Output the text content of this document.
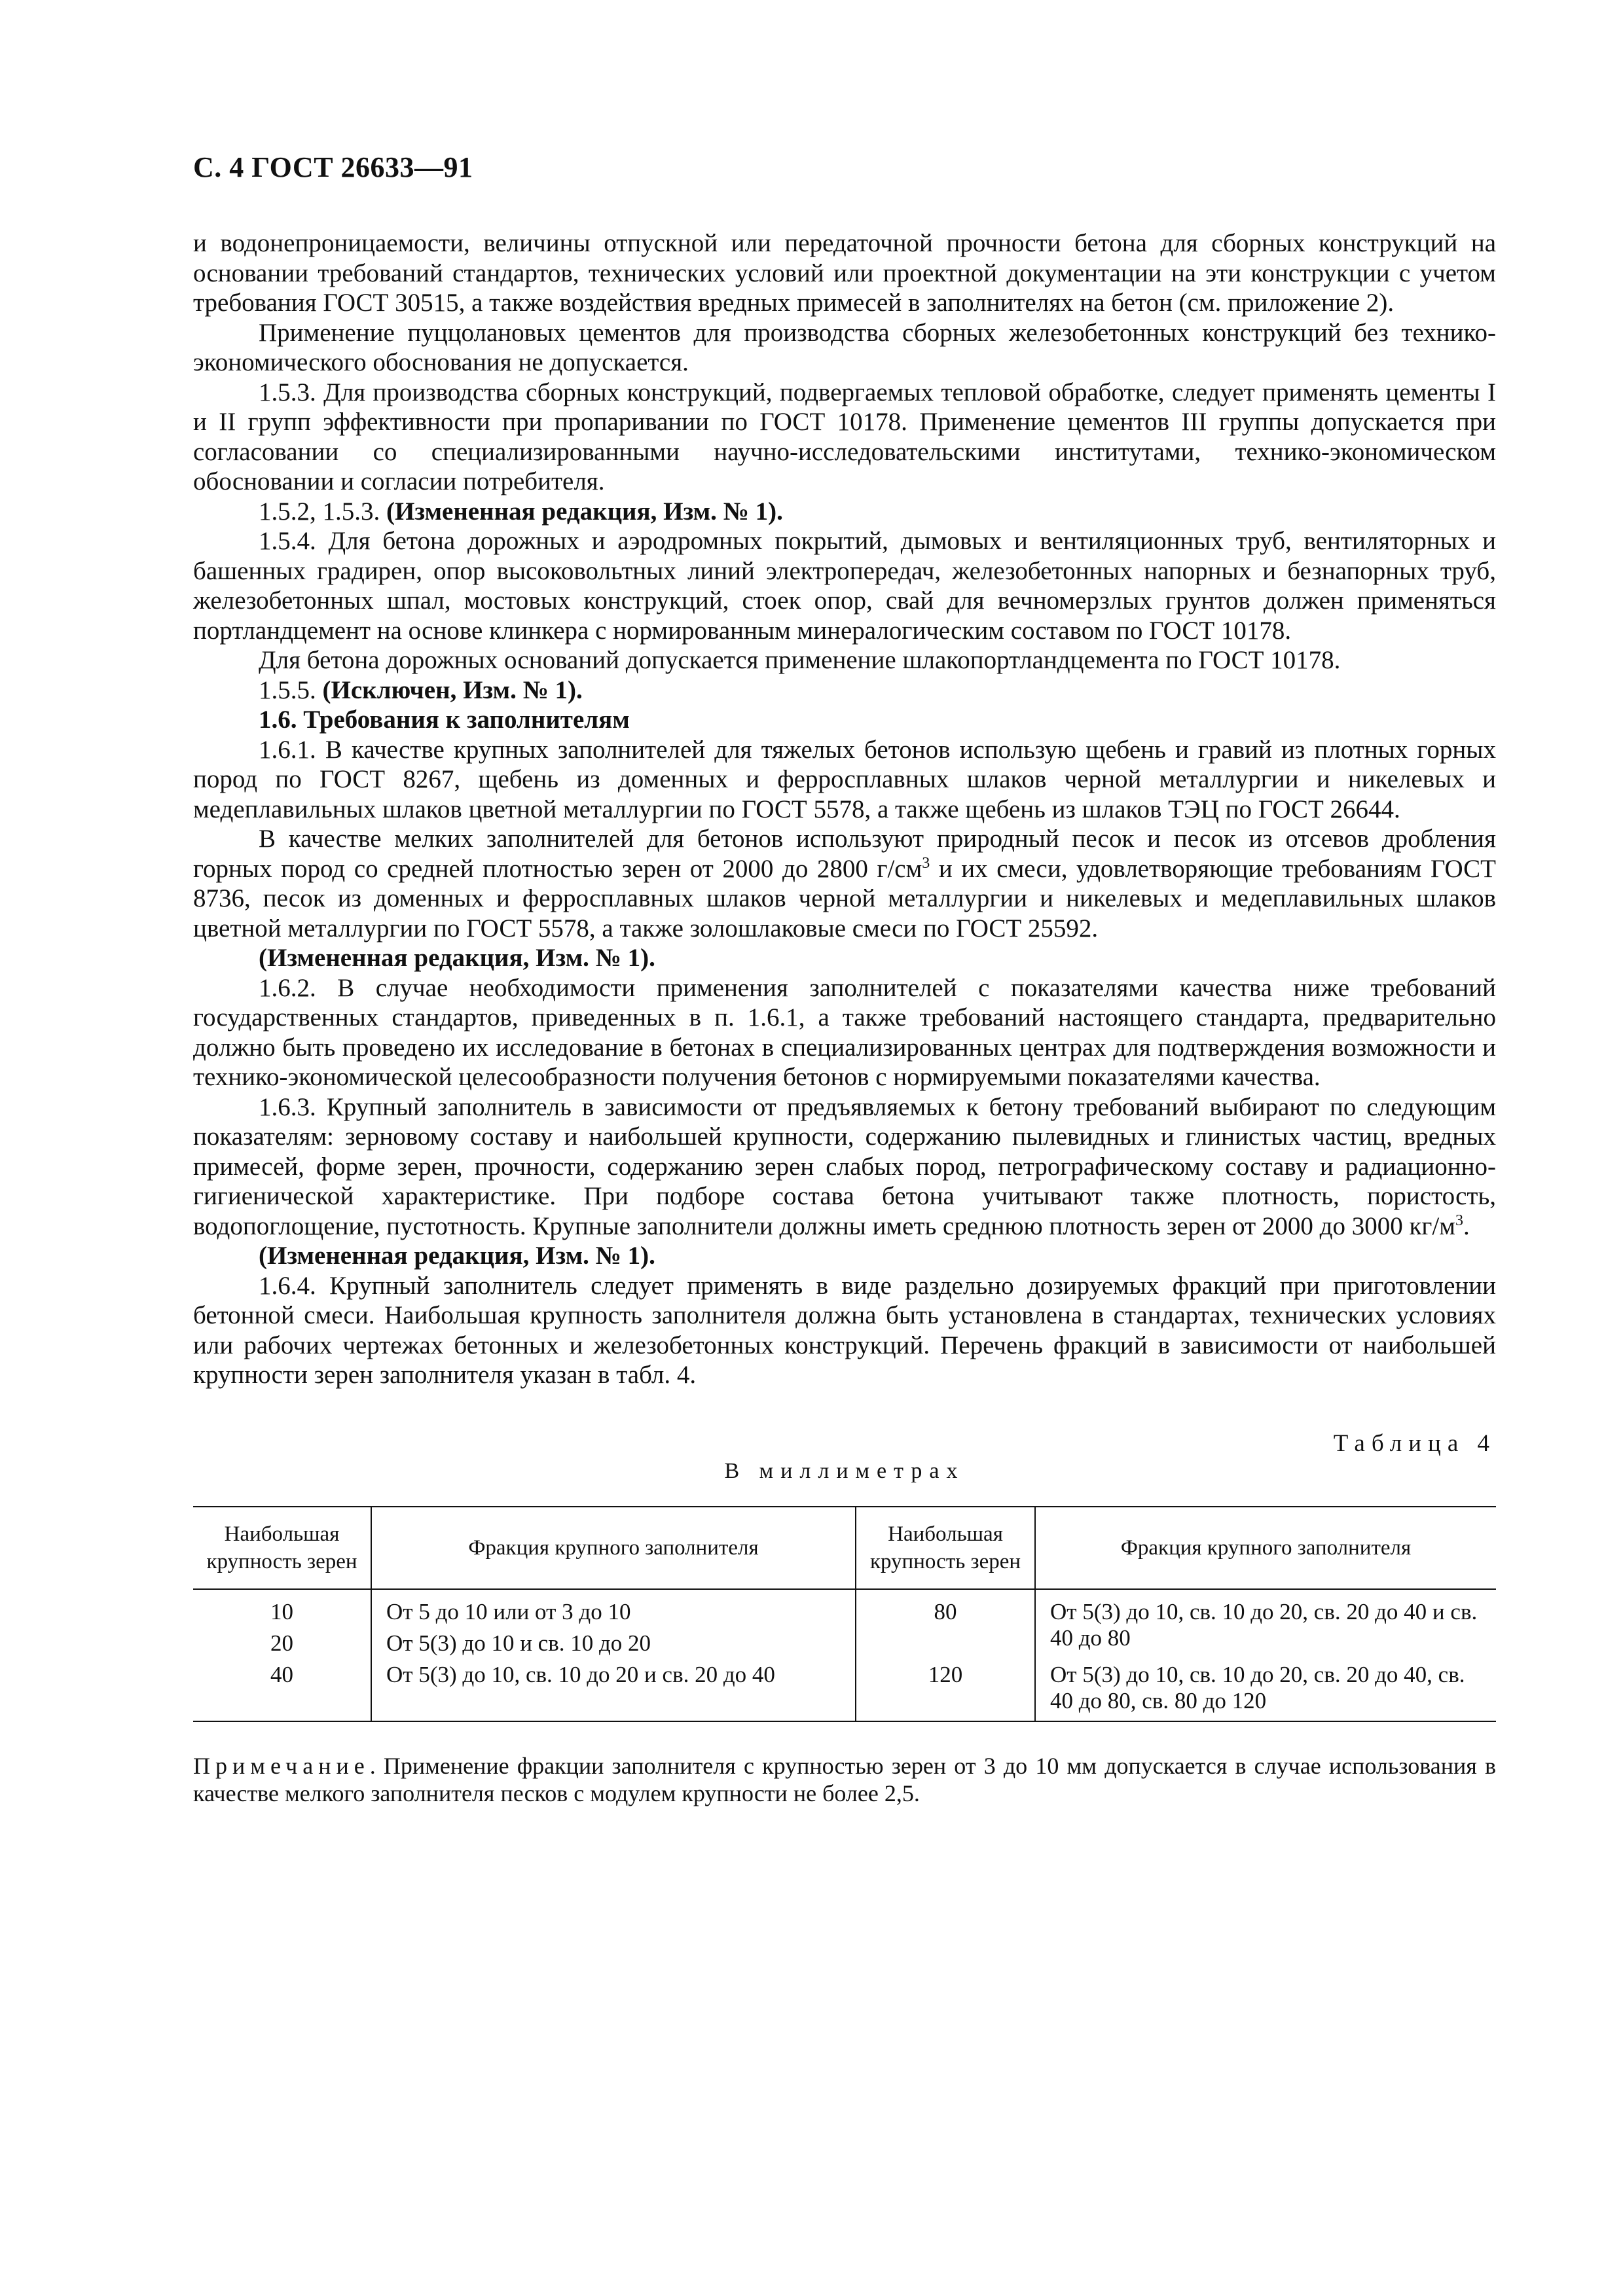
С. 4 ГОСТ 26633—91

и водонепроницаемости, величины отпускной или передаточной прочности бетона для сборных конструкций на основании требований стандартов, технических условий или проектной документации на эти конструкции с учетом требования ГОСТ 30515, а также воздействия вредных примесей в заполнителях на бетон (см. приложение 2).

Применение пуццолановых цементов для производства сборных железобетонных конструкций без технико-экономического обоснования не допускается.

1.5.3. Для производства сборных конструкций, подвергаемых тепловой обработке, следует применять цементы I и II групп эффективности при пропаривании по ГОСТ 10178. Применение цементов III группы допускается при согласовании со специализированными научно-исследовательскими институтами, технико-экономическом обосновании и согласии потребителя.

1.5.2, 1.5.3. (Измененная редакция, Изм. № 1).

1.5.4. Для бетона дорожных и аэродромных покрытий, дымовых и вентиляционных труб, вентиляторных и башенных градирен, опор высоковольтных линий электропередач, железобетонных напорных и безнапорных труб, железобетонных шпал, мостовых конструкций, стоек опор, свай для вечномерзлых грунтов должен применяться портландцемент на основе клинкера с нормированным минералогическим составом по ГОСТ 10178.

Для бетона дорожных оснований допускается применение шлакопортландцемента по ГОСТ 10178.

1.5.5. (Исключен, Изм. № 1).

1.6. Требования к заполнителям

1.6.1. В качестве крупных заполнителей для тяжелых бетонов использую щебень и гравий из плотных горных пород по ГОСТ 8267, щебень из доменных и ферросплавных шлаков черной металлургии и никелевых и медеплавильных шлаков цветной металлургии по ГОСТ 5578, а также щебень из шлаков ТЭЦ по ГОСТ 26644.

В качестве мелких заполнителей для бетонов используют природный песок и песок из отсевов дробления горных пород со средней плотностью зерен от 2000 до 2800 $г/см^3$ и их смеси, удовлетворяющие требованиям ГОСТ 8736, песок из доменных и ферросплавных шлаков черной металлургии и никелевых и медеплавильных шлаков цветной металлургии по ГОСТ 5578, а также золошлаковые смеси по ГОСТ 25592.

(Измененная редакция, Изм. № 1).

1.6.2. В случае необходимости применения заполнителей с показателями качества ниже требований государственных стандартов, приведенных в п. 1.6.1, а также требований настоящего стандарта, предварительно должно быть проведено их исследование в бетонах в специализированных центрах для подтверждения возможности и технико-экономической целесообразности получения бетонов с нормируемыми показателями качества.

1.6.3. Крупный заполнитель в зависимости от предъявляемых к бетону требований выбирают по следующим показателям: зерновому составу и наибольшей крупности, содержанию пылевидных и глинистых частиц, вредных примесей, форме зерен, прочности, содержанию зерен слабых пород, петрографическому составу и радиационно-гигиенической характеристике. При подборе состава бетона учитывают также плотность, пористость, водопоглощение, пустотность. Крупные заполнители должны иметь среднюю плотность зерен от 2000 до 3000 $кг/м^3$.

(Измененная редакция, Изм. № 1).

1.6.4. Крупный заполнитель следует применять в виде раздельно дозируемых фракций при приготовлении бетонной смеси. Наибольшая крупность заполнителя должна быть установлена в стандартах, технических условиях или рабочих чертежах бетонных и железобетонных конструкций. Перечень фракций в зависимости от наибольшей крупности зерен заполнителя указан в табл. 4.

Таблица 4
В миллиметрах
Наибольшая крупность зерен	Фракция крупного заполнителя	Наибольшая крупность зерен	Фракция крупного заполнителя
10	От 5 до 10 или от 3 до 10	80	От 5(3) до 10, св. 10 до 20, св. 20 до 40 и св. 40 до 80
20	От 5(3) до 10 и св. 10 до 20		
40	От 5(3) до 10, св. 10 до 20 и св. 20 до 40	120	От 5(3) до 10, св. 10 до 20, св. 20 до 40, св. 40 до 80, св. 80 до 120

Примечание. Применение фракции заполнителя с крупностью зерен от 3 до 10 мм допускается в случае использования в качестве мелкого заполнителя песков с модулем крупности не более 2,5.
